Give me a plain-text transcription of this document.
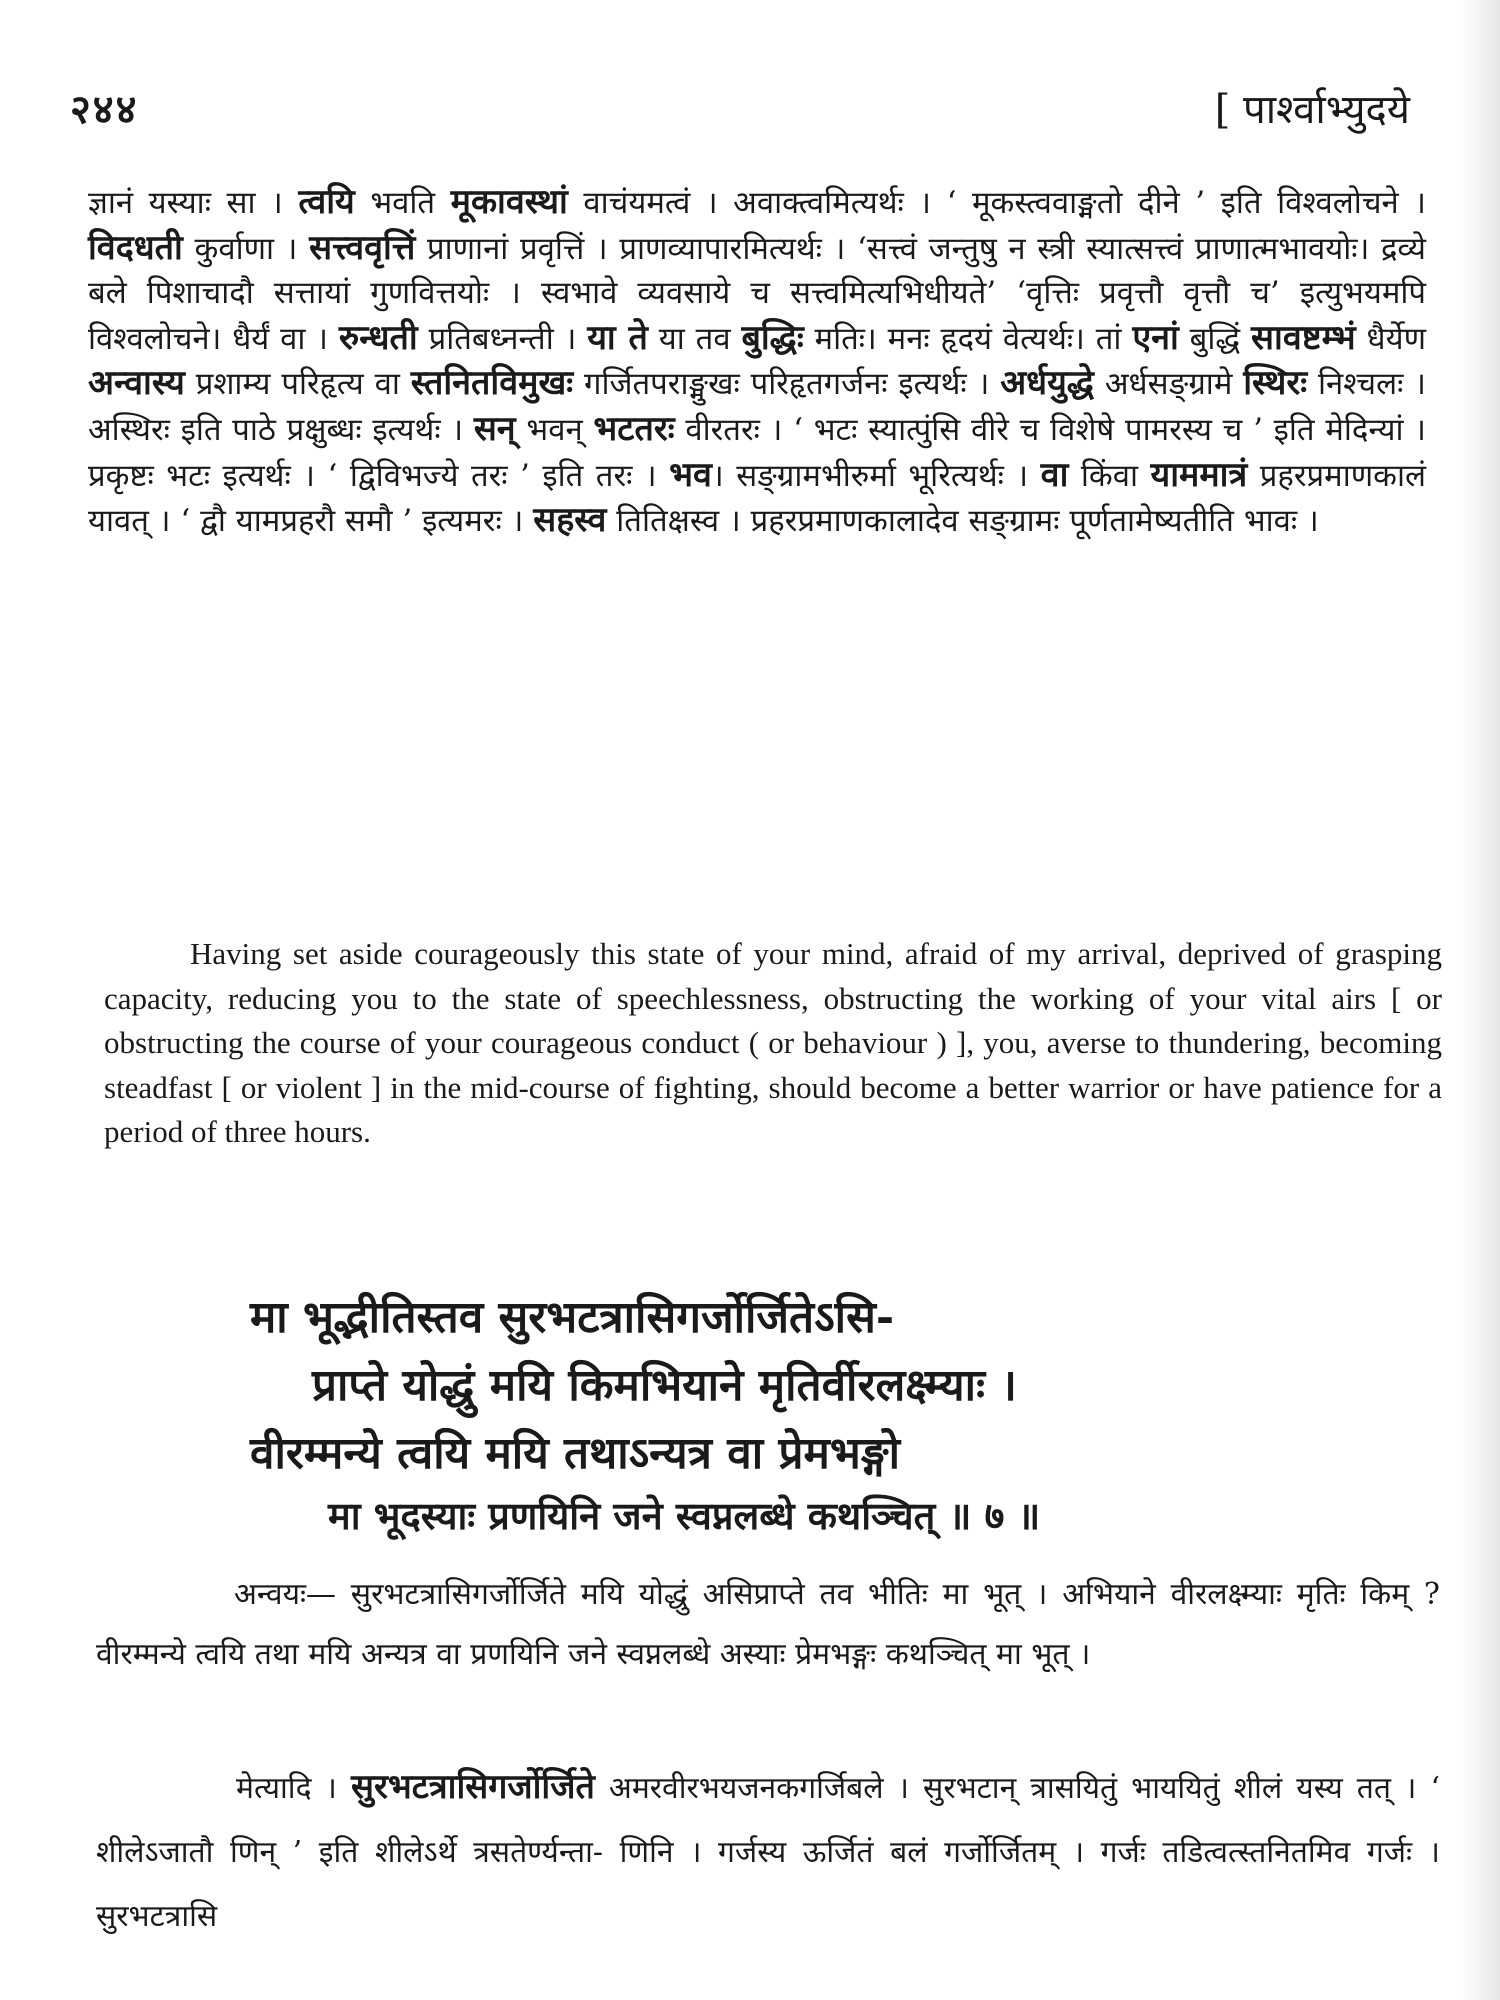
२४४	[ पार्श्वाभ्युदये
ज्ञानं यस्याः सा । त्वयि भवति मूकावस्थां वाचंयमत्वं । अवाक्त्वमित्यर्थः । ‘ मूकस्त्ववाङ्मतो दीने ’ इति विश्वलोचने । विदधती कुर्वाणा । सत्त्ववृत्तिं प्राणानां प्रवृत्तिं । प्राणव्यापारमित्यर्थः । ‘सत्त्वं जन्तुषु न स्त्री स्यात्सत्त्वं प्राणात्मभावयोः। द्रव्ये बले पिशाचादौ सत्तायां गुणवित्तयोः । स्वभावे व्यवसाये च सत्त्वमित्यभिधीयते’ ‘वृत्तिः प्रवृत्तौ वृत्तौ च’ इत्युभयमपि विश्वलोचने। धैर्यं वा । रुन्धती प्रतिबध्नन्ती । या ते या तव बुद्धिः मतिः। मनः हृदयं वेत्यर्थः। तां एनां बुद्धिं सावष्टम्भं धैर्येण अन्वास्य प्रशाम्य परिहृत्य वा स्तनितविमुखः गर्जितपराङ्मुखः परिहृतगर्जनः इत्यर्थः । अर्धयुद्धे अर्धसङ्ग्रामे स्थिरः निश्चलः । अस्थिरः इति पाठे प्रक्षुब्धः इत्यर्थः । सन् भवन् भटतरः वीरतरः । ‘ भटः स्यात्पुंसि वीरे च विशेषे पामरस्य च ’ इति मेदिन्यां । प्रकृष्टः भटः इत्यर्थः । ‘ द्विविभज्ये तरः ’ इति तरः । भव। सङ्ग्रामभीरुर्मा भूरित्यर्थः । वा किंवा याममात्रं प्रहरप्रमाणकालं यावत् । ‘ द्वौ यामप्रहरौ समौ ’ इत्यमरः । सहस्व तितिक्षस्व । प्रहरप्रमाणकालादेव सङ्ग्रामः पूर्णतामेष्यतीति भावः ।
Having set aside courageously this state of your mind, afraid of my arrival, deprived of grasping capacity, reducing you to the state of speechlessness, obstructing the working of your vital airs [ or obstructing the course of your courageous conduct ( or behaviour ) ], you, averse to thundering, becoming steadfast [ or violent ] in the mid-course of fighting, should become a better warrior or have patience for a period of three hours.
मा भूद्भीतिस्तव सुरभटत्रासिगर्जोर्जितेऽसि-
प्राप्ते योद्धुं मयि किमभियाने मृतिर्वीरलक्ष्म्याः ।
वीरम्मन्ये त्वयि मयि तथाऽन्यत्र वा प्रेमभङ्गो
मा भूदस्याः प्रणयिनि जने स्वप्नलब्धे कथञ्चित् ॥ ७ ॥
अन्वयः— सुरभटत्रासिगर्जोर्जिते मयि योद्धुं असिप्राप्ते तव भीतिः मा भूत् । अभियाने वीरलक्ष्म्याः मृतिः किम् ? वीरम्मन्ये त्वयि तथा मयि अन्यत्र वा प्रणयिनि जने स्वप्नलब्धे अस्याः प्रेमभङ्गः कथञ्चित् मा भूत् ।
मेत्यादि । सुरभटत्रासिगर्जोर्जिते अमरवीरभयजनकगर्जिबले । सुरभटान् त्रासयितुं भाययितुं शीलं यस्य तत् । ‘ शीलेऽजातौ णिन् ’ इति शीलेऽर्थे त्रसतेर्ण्यन्ता- णिनि । गर्जस्य ऊर्जितं बलं गर्जोर्जितम् । गर्जः तडित्वत्स्तनितमिव गर्जः । सुरभटत्रासि
